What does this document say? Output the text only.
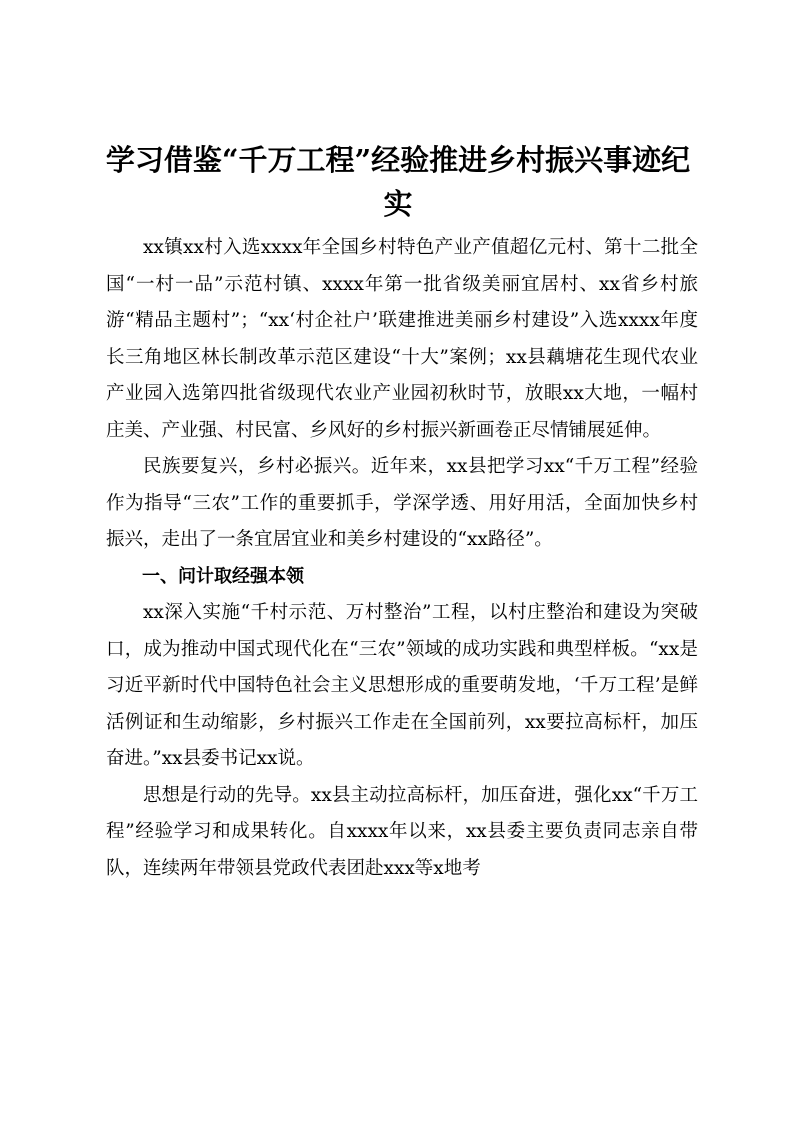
学习借鉴“千万工程”经验推进乡村振兴事迹纪实

xx镇xx村入选xxxx年全国乡村特色产业产值超亿元村、第十二批全国“一村一品”示范村镇、xxxx年第一批省级美丽宜居村、xx省乡村旅游“精品主题村”；“xx‘村企社户’联建推进美丽乡村建设”入选xxxx年度长三角地区林长制改革示范区建设“十大”案例；xx县藕塘花生现代农业产业园入选第四批省级现代农业产业园初秋时节，放眼xx大地，一幅村庄美、产业强、村民富、乡风好的乡村振兴新画卷正尽情铺展延伸。

民族要复兴，乡村必振兴。近年来，xx县把学习xx“千万工程”经验作为指导“三农”工作的重要抓手，学深学透、用好用活，全面加快乡村振兴，走出了一条宜居宜业和美乡村建设的“xx路径”。

一、问计取经强本领

xx深入实施“千村示范、万村整治”工程，以村庄整治和建设为突破口，成为推动中国式现代化在“三农”领域的成功实践和典型样板。“xx是习近平新时代中国特色社会主义思想形成的重要萌发地，‘千万工程’是鲜活例证和生动缩影，乡村振兴工作走在全国前列，xx要拉高标杆，加压奋进。”xx县委书记xx说。

思想是行动的先导。xx县主动拉高标杆，加压奋进，强化xx“千万工程”经验学习和成果转化。自xxxx年以来，xx县委主要负责同志亲自带队，连续两年带领县党政代表团赴xxx等x地考
